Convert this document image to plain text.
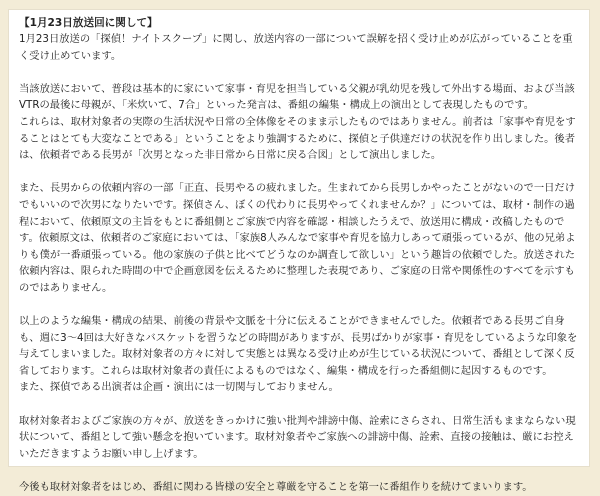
【1月23日放送回に関して】
1月23日放送の「探偵！ナイトスクープ」に関し、放送内容の一部について誤解を招く受け止めが広がっていることを重く受け止めています。
当該放送において、普段は基本的に家にいて家事・育児を担当している父親が乳幼児を残して外出する場面、および当該VTRの最後に母親が、「米炊いて、7合」といった発言は、番組の編集・構成上の演出として表現したものです。
これらは、取材対象者の実際の生活状況や日常の全体像をそのまま示したものではありません。前者は「家事や育児をすることはとても大変なことである」ということをより強調するために、探偵と子供達だけの状況を作り出しました。後者は、依頼者である長男が「次男となった非日常から日常に戻る合図」として演出しました。
また、長男からの依頼内容の一部「正直、長男やるの疲れました。生まれてから長男しかやったことがないので一日だけでもいいので次男になりたいです。探偵さん、ぼくの代わりに長男やってくれませんか？」については、取材・制作の過程において、依頼原文の主旨をもとに番組側とご家族で内容を確認・相談したうえで、放送用に構成・改稿したものです。依頼原文は、依頼者のご家庭においては、「家族8人みんなで家事や育児を協力しあって頑張っているが、他の兄弟よりも僕が一番頑張っている。他の家族の子供と比べてどうなのか調査して欲しい」という趣旨の依頼でした。放送された依頼内容は、限られた時間の中で企画意図を伝えるために整理した表現であり、ご家庭の日常や関係性のすべてを示すものではありません。
以上のような編集・構成の結果、前後の背景や文脈を十分に伝えることができませんでした。依頼者である長男ご自身も、週に3〜4回は大好きなバスケットを習うなどの時間がありますが、長男ばかりが家事・育児をしているような印象を与えてしまいました。取材対象者の方々に対して実態とは異なる受け止めが生じている状況について、番組として深く反省しております。これらは取材対象者の責任によるものではなく、編集・構成を行った番組側に起因するものです。
また、探偵である出演者は企画・演出には一切関与しておりません。
取材対象者およびご家族の方々が、放送をきっかけに強い批判や誹謗中傷、詮索にさらされ、日常生活もままならない現状について、番組として強い懸念を抱いています。取材対象者やご家族への誹謗中傷、詮索、直接の接触は、厳にお控えいただきますようお願い申し上げます。
今後も取材対象者をはじめ、番組に関わる皆様の安全と尊厳を守ることを第一に番組作りを続けてまいります。
